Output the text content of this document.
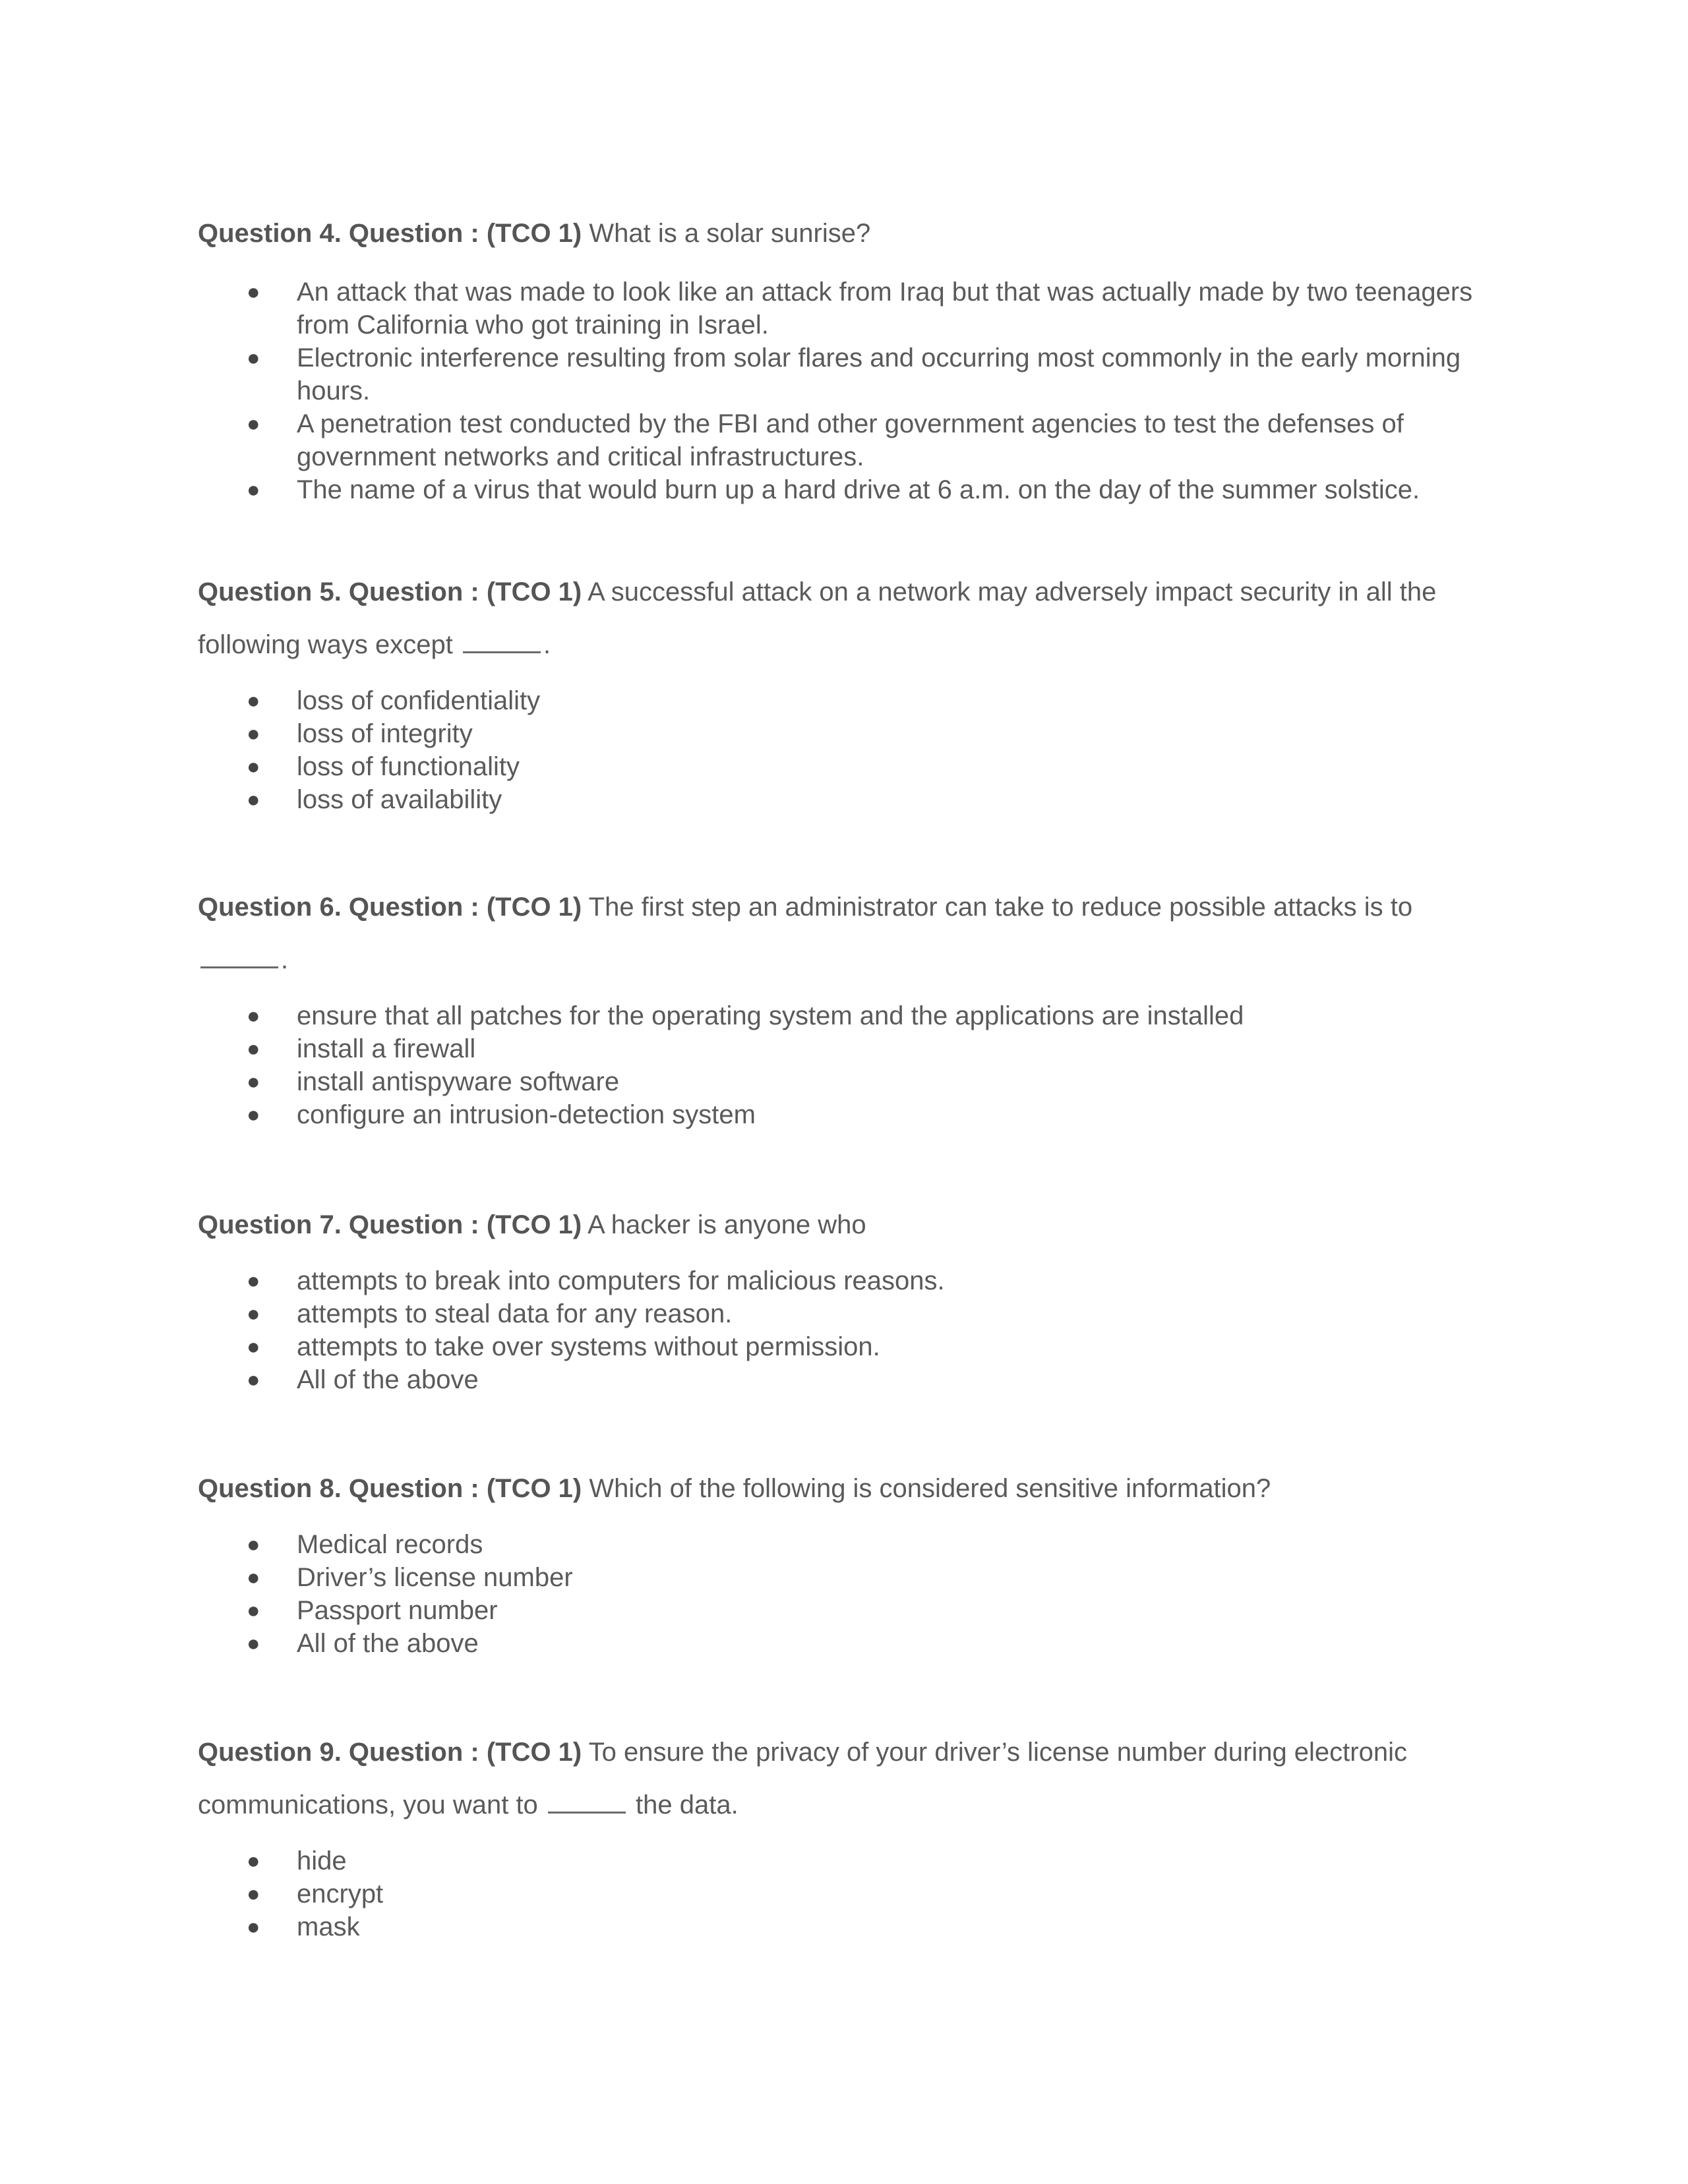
Question 4. Question : (TCO 1) What is a solar sunrise?

● An attack that was made to look like an attack from Iraq but that was actually made by two teenagers from California who got training in Israel.
● Electronic interference resulting from solar flares and occurring most commonly in the early morning hours.
● A penetration test conducted by the FBI and other government agencies to test the defenses of government networks and critical infrastructures.
● The name of a virus that would burn up a hard drive at 6 a.m. on the day of the summer solstice.

Question 5. Question : (TCO 1) A successful attack on a network may adversely impact security in all the following ways except	.

● loss of confidentiality
● loss of integrity
● loss of functionality
● loss of availability

Question 6. Question : (TCO 1) The first step an administrator can take to reduce possible attacks is to .

● ensure that all patches for the operating system and the applications are installed
● install a firewall
● install antispyware software
● configure an intrusion-detection system

Question 7. Question : (TCO 1) A hacker is anyone who

● attempts to break into computers for malicious reasons.
● attempts to steal data for any reason.
● attempts to take over systems without permission.
● All of the above

Question 8. Question : (TCO 1) Which of the following is considered sensitive information?

● Medical records
● Driver’s license number
● Passport number
● All of the above

Question 9. Question : (TCO 1) To ensure the privacy of your driver’s license number during electronic communications, you want to	the data.

● hide
● encrypt
● mask
